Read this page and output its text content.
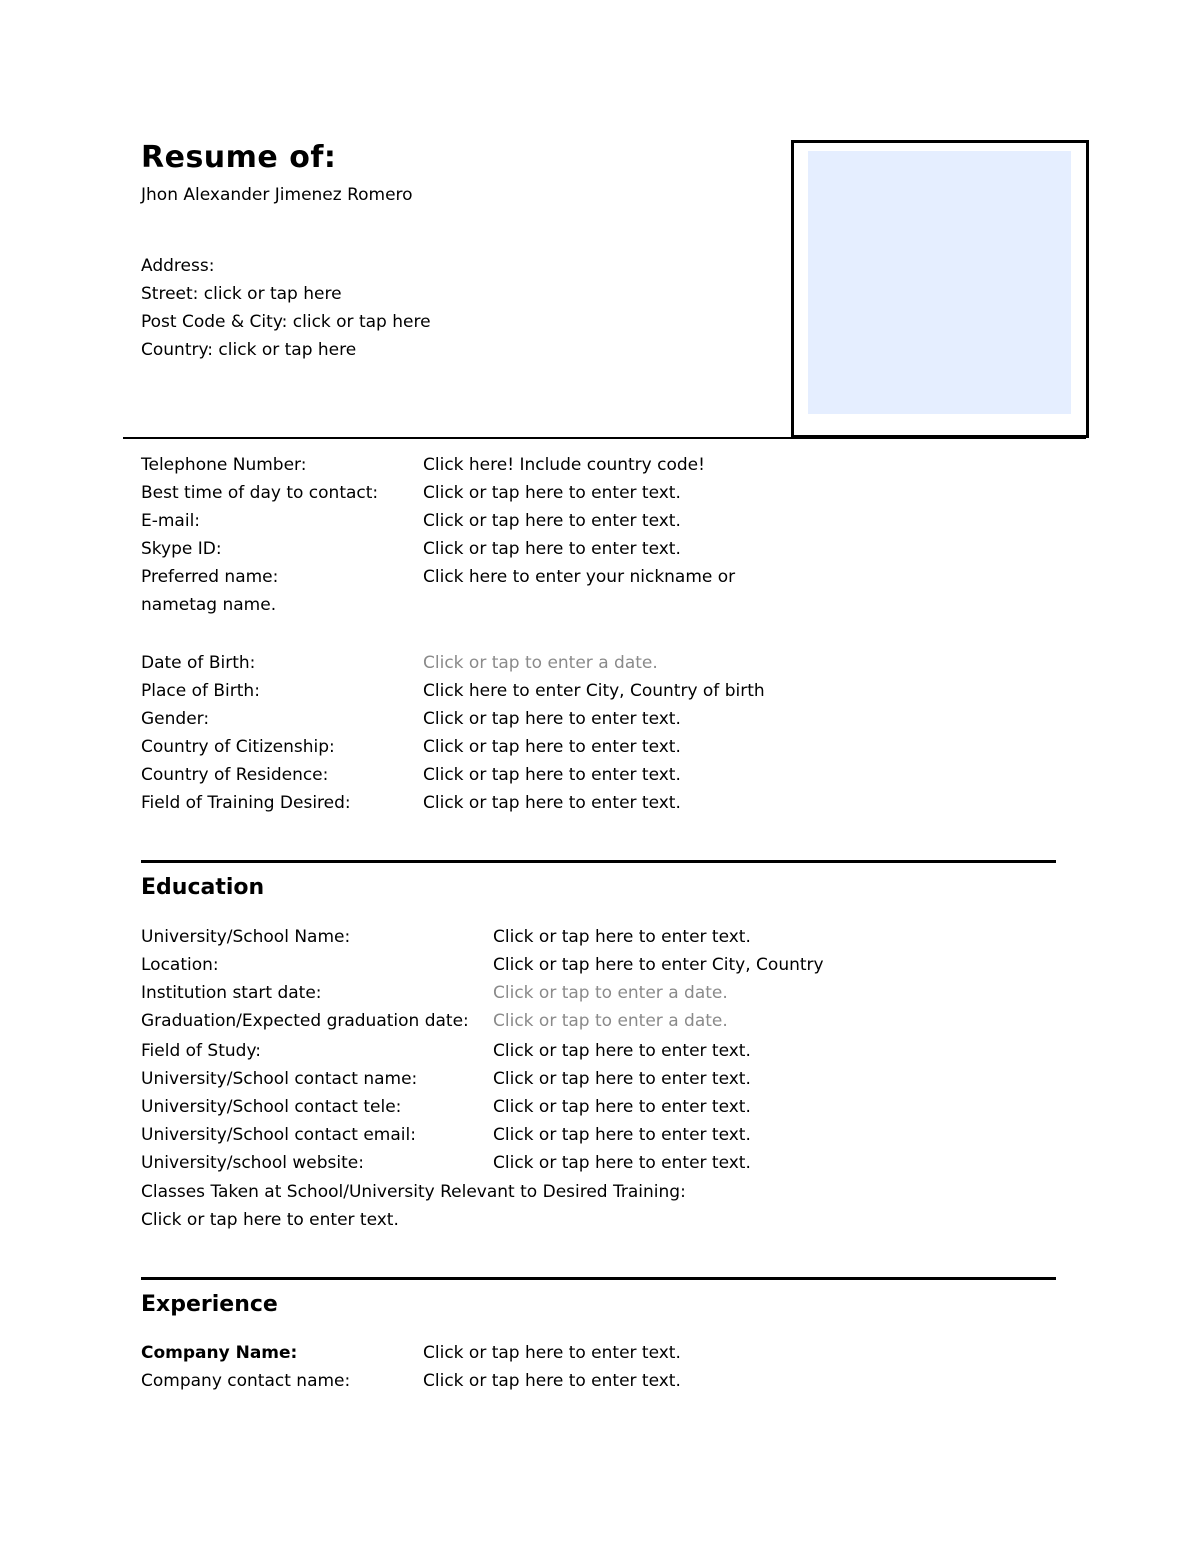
Resume of:
Jhon Alexander Jimenez Romero
Address:
Street: click or tap here
Post Code & City: click or tap here
Country: click or tap here
Telephone Number:	Click here! Include country code!
Best time of day to contact:	Click or tap here to enter text.
E-mail:	Click or tap here to enter text.
Skype ID:	Click or tap here to enter text.
Preferred name:	Click here to enter your nickname or
nametag name.
Date of Birth:	Click or tap to enter a date.
Place of Birth:	Click here to enter City, Country of birth
Gender:	Click or tap here to enter text.
Country of Citizenship:	Click or tap here to enter text.
Country of Residence:	Click or tap here to enter text.
Field of Training Desired:	Click or tap here to enter text.
Education
University/School Name:	Click or tap here to enter text.
Location:	Click or tap here to enter City, Country
Institution start date:	Click or tap to enter a date.
Graduation/Expected graduation date: Click or tap to enter a date.
Field of Study:	Click or tap here to enter text.
University/School contact name:	Click or tap here to enter text.
University/School contact tele:	Click or tap here to enter text.
University/School contact email:	Click or tap here to enter text.
University/school website:	Click or tap here to enter text.
Classes Taken at School/University Relevant to Desired Training:
Click or tap here to enter text.
Experience
Company Name:	Click or tap here to enter text.
Company contact name:	Click or tap here to enter text.
